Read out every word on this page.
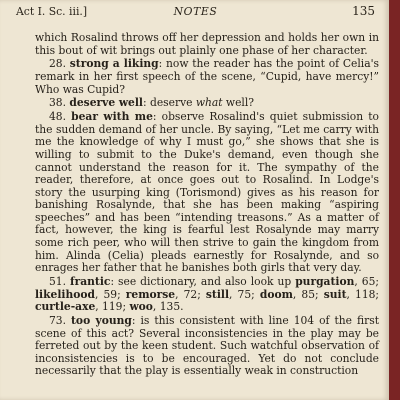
Act I. Sc. iii.]	NOTES	135

which Rosalind throws off her depression and holds her own in this bout of wit brings out plainly one phase of her character.

28. strong a liking: now the reader has the point of Celia's remark in her first speech of the scene, “Cupid, have mercy!” Who was Cupid?

38. deserve well: deserve what well?

48. bear with me: observe Rosalind's quiet submission to the sudden demand of her uncle. By saying, “Let me carry with me the knowledge of why I must go,” she shows that she is willing to submit to the Duke's demand, even though she cannot understand the reason for it. The sympathy of the reader, therefore, at once goes out to Rosalind. In Lodge's story the usurping king (Torismond) gives as his reason for banishing Rosalynde, that she has been making “aspiring speeches” and has been “intending treasons.” As a matter of fact, however, the king is fearful lest Rosalynde may marry some rich peer, who will then strive to gain the kingdom from him. Alinda (Celia) pleads earnestly for Rosalynde, and so enrages her father that he banishes both girls that very day.

51. frantic: see dictionary, and also look up purgation, 65; likelihood, 59; remorse, 72; still, 75; doom, 85; suit, 118; curtle-axe, 119; woo, 135.

73. too young: is this consistent with line 104 of the first scene of this act? Several inconsistencies in the play may be ferreted out by the keen student. Such watchful observation of inconsistencies is to be encouraged. Yet do not conclude necessarily that the play is essentially weak in construction
